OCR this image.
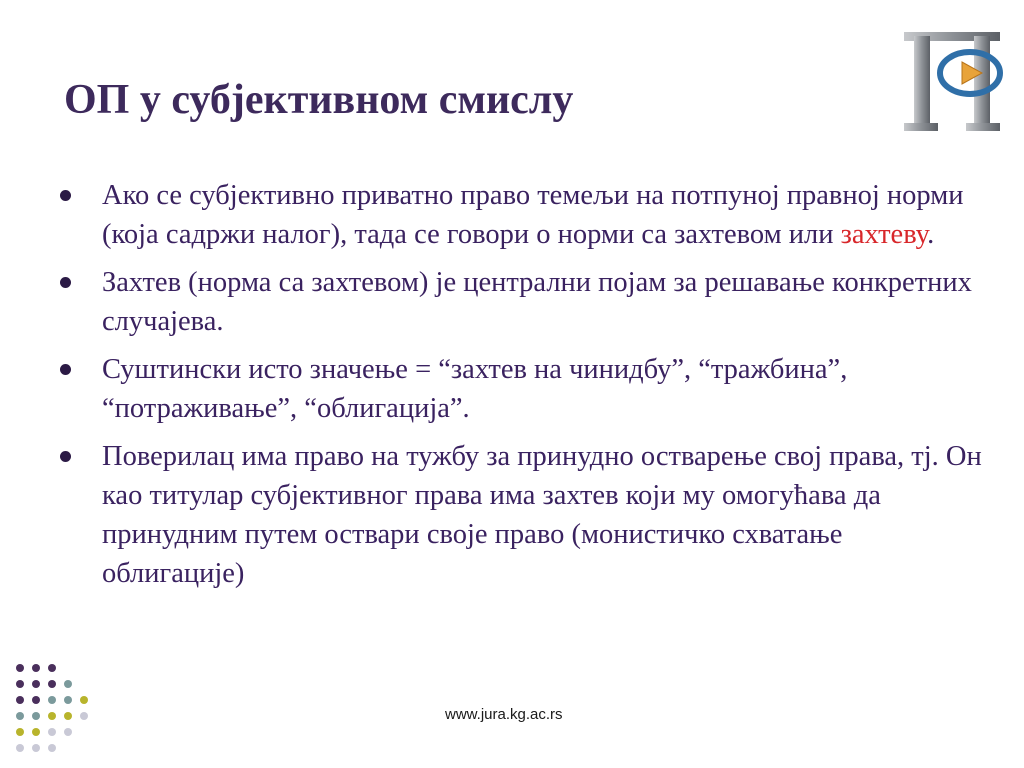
ОП у субјективном смислу
Ако се субјективно приватно право темељи на потпуној правној норми (која садржи налог), тада се говори о норми са захтевом или захтеву.
Захтев (норма са захтевом) је централни појам за решавање конкретних случајева.
Суштински исто значење = “захтев на чинидбу”, “тражбина”, “потраживање”, “облигација”.
Поверилац има право на тужбу за принудно остварење свој права, тј. Он као титулар субјективног права има захтев који му омогућава да принудним путем оствари своје право (монистичко схватање облигације)

www.jura.kg.ac.rs
